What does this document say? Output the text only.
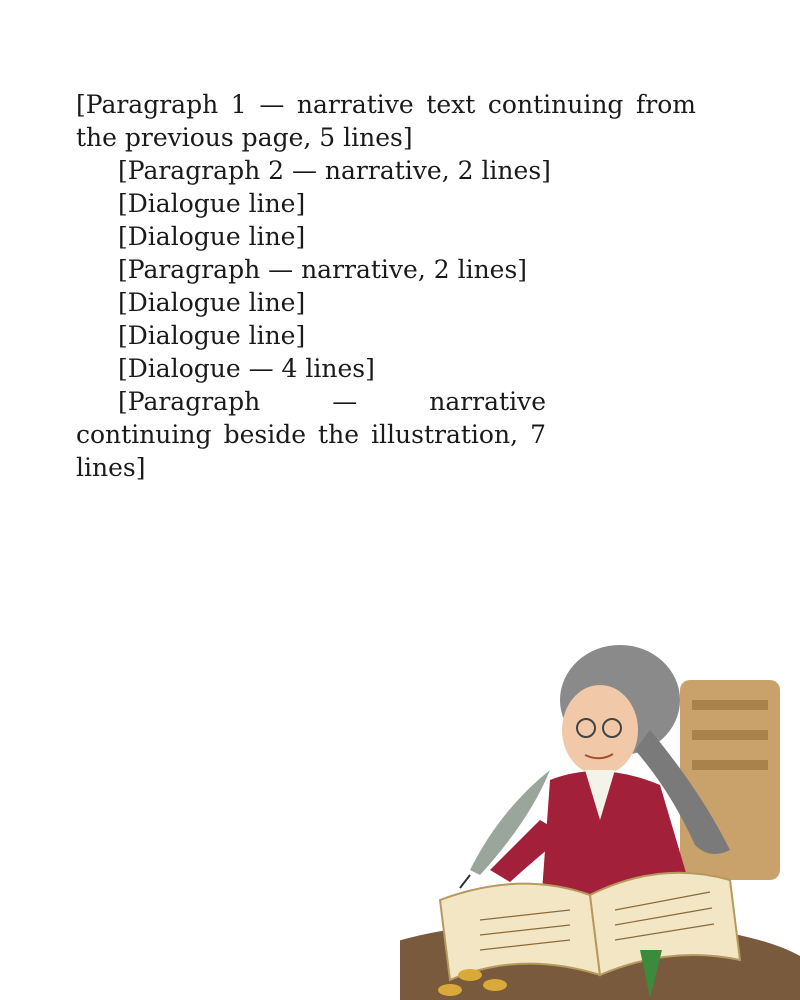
[Paragraph 1 — narrative text continuing from the previous page, 5 lines]

[Paragraph 2 — narrative, 2 lines]

[Dialogue line]

[Dialogue line]

[Paragraph — narrative, 2 lines]

[Dialogue line]

[Dialogue line]

[Dialogue — 4 lines]

[Paragraph — narrative continuing beside the illustration, 7 lines]
